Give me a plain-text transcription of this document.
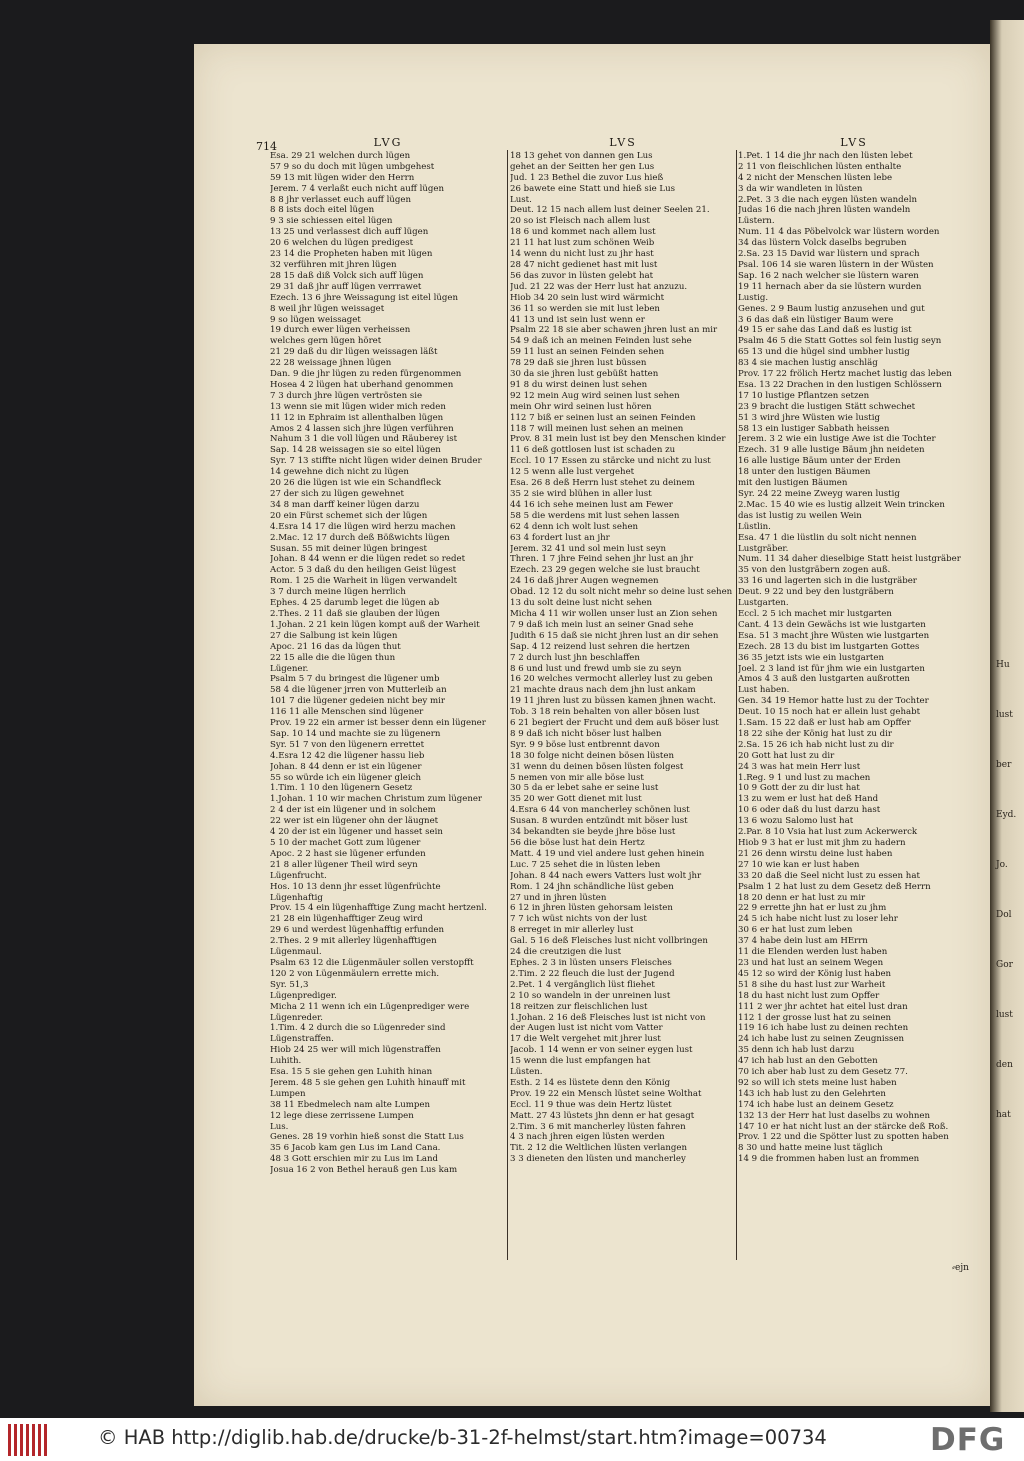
Hu
lust
ber
Eyd.
Jo.
Dol
Gor
lust
den
hat
714	LVG
Esa. 29 21 welchen durch lügen
57 9 so du doch mit lügen umbgehest
59 13 mit lügen wider den Herrn
Jerem. 7 4 verlaßt euch nicht auff lügen
8 8 jhr verlasset euch auff lügen
8 8 ists doch eitel lügen
9 3 sie schiessen eitel lügen
13 25 und verlassest dich auff lügen
20 6 welchen du lügen predigest
23 14 die Propheten haben mit lügen
32 verführen mit jhren lügen
28 15 daß diß Volck sich auff lügen
29 31 daß jhr auff lügen verrrawet
Ezech. 13 6 jhre Weissagung ist eitel lügen
8 weil jhr lügen weissaget
9 so lügen weissaget
19 durch ewer lügen verheissen
welches gern lügen höret
21 29 daß du dir lügen weissagen läßt
22 28 weissage jhnen lügen
Dan. 9 die jhr lügen zu reden fürgenommen
Hosea 4 2 lügen hat uberhand genommen
7 3 durch jhre lügen vertrösten sie
13 wenn sie mit lügen wider mich reden
11 12 in Ephraim ist allenthalben lügen
Amos 2 4 lassen sich jhre lügen verführen
Nahum 3 1 die voll lügen und Räuberey ist
Sap. 14 28 weissagen sie so eitel lügen
Syr. 7 13 stiffte nicht lügen wider deinen Bruder
14 gewehne dich nicht zu lügen
20 26 die lügen ist wie ein Schandfleck
27 der sich zu lügen gewehnet
34 8 man darff keiner lügen darzu
20 ein Fürst schemet sich der lügen
4.Esra 14 17 die lügen wird herzu machen
2.Mac. 12 17 durch deß Bößwichts lügen
Susan. 55 mit deiner lügen bringest
Johan. 8 44 wenn er die lügen redet so redet
Actor. 5 3 daß du den heiligen Geist lügest
Rom. 1 25 die Warheit in lügen verwandelt
3 7 durch meine lügen herrlich
Ephes. 4 25 darumb leget die lügen ab
2.Thes. 2 11 daß sie glauben der lügen
1.Johan. 2 21 kein lügen kompt auß der Warheit
27 die Salbung ist kein lügen
Apoc. 21 16 das da lügen thut
22 15 alle die die lügen thun
Lügener.
Psalm 5 7 du bringest die lügener umb
58 4 die lügener jrren von Mutterleib an
101 7 die lügener gedeien nicht bey mir
116 11 alle Menschen sind lügener
Prov. 19 22 ein armer ist besser denn ein lügener
Sap. 10 14 und machte sie zu lügenern
Syr. 51 7 von den lügenern errettet
4.Esra 12 42 die lügener hassu lieb
Johan. 8 44 denn er ist ein lügener
55 so würde ich ein lügener gleich
1.Tim. 1 10 den lügenern Gesetz
1.Johan. 1 10 wir machen Christum zum lügener
2 4 der ist ein lügener und in solchem
22 wer ist ein lügener ohn der läugnet
4 20 der ist ein lügener und hasset sein
5 10 der machet Gott zum lügener
Apoc. 2 2 hast sie lügener erfunden
21 8 aller lügener Theil wird seyn
Lügenfrucht.
Hos. 10 13 denn jhr esset lügenfrüchte
Lügenhaftig
Prov. 15 4 ein lügenhafftige Zung macht hertzenl.
21 28 ein lügenhafftiger Zeug wird
29 6 und werdest lügenhafftig erfunden
2.Thes. 2 9 mit allerley lügenhafftigen
Lügenmaul.
Psalm 63 12 die Lügenmäuler sollen verstopfft
120 2 von Lügenmäulern errette mich.
Syr. 51,3
Lügenprediger.
Micha 2 11 wenn ich ein Lügenprediger were
Lügenreder.
1.Tim. 4 2 durch die so Lügenreder sind
Lügenstraffen.
Hiob 24 25 wer will mich lügenstraffen
Luhith.
Esa. 15 5 sie gehen gen Luhith hinan
Jerem. 48 5 sie gehen gen Luhith hinauff mit
Lumpen
38 11 Ebedmelech nam alte Lumpen
12 lege diese zerrissene Lumpen
Lus.
Genes. 28 19 vorhin hieß sonst die Statt Lus
35 6 Jacob kam gen Lus im Land Cana.
48 3 Gott erschien mir zu Lus im Land
Josua 16 2 von Bethel herauß gen Lus kam
LVS
18 13 gehet von dannen gen Lus
gehet an der Seitten her gen Lus
Jud. 1 23 Bethel die zuvor Lus hieß
26 bawete eine Statt und hieß sie Lus
Lust.
Deut. 12 15 nach allem lust deiner Seelen 21.
20 so ist Fleisch nach allem lust
18 6 und kommet nach allem lust
21 11 hat lust zum schönen Weib
14 wenn du nicht lust zu jhr hast
28 47 nicht gedienet hast mit lust
56 das zuvor in lüsten gelebt hat
Jud. 21 22 was der Herr lust hat anzuzu.
Hiob 34 20 sein lust wird wärmicht
36 11 so werden sie mit lust leben
41 13 und ist sein lust wenn er
Psalm 22 18 sie aber schawen jhren lust an mir
54 9 daß ich an meinen Feinden lust sehe
59 11 lust an seinen Feinden sehen
78 29 daß sie jhren lust büssen
30 da sie jhren lust gebüßt hatten
91 8 du wirst deinen lust sehen
92 12 mein Aug wird seinen lust sehen
mein Ohr wird seinen lust hören
112 7 biß er seinen lust an seinen Feinden
118 7 will meinen lust sehen an meinen
Prov. 8 31 mein lust ist bey den Menschen kinder
11 6 deß gottlosen lust ist schaden zu
Eccl. 10 17 Essen zu stärcke und nicht zu lust
12 5 wenn alle lust vergehet
Esa. 26 8 deß Herrn lust stehet zu deinem
35 2 sie wird blühen in aller lust
44 16 ich sehe meinen lust am Fewer
58 5 die werdens mit lust sehen lassen
62 4 denn ich wolt lust sehen
63 4 fordert lust an jhr
Jerem. 32 41 und sol mein lust seyn
Thren. 1 7 jhre Feind sehen jhr lust an jhr
Ezech. 23 29 gegen welche sie lust braucht
24 16 daß jhrer Augen wegnemen
Obad. 12 12 du solt nicht mehr so deine lust sehen
13 du solt deine lust nicht sehen
Micha 4 11 wir wollen unser lust an Zion sehen
7 9 daß ich mein lust an seiner Gnad sehe
Judith 6 15 daß sie nicht jhren lust an dir sehen
Sap. 4 12 reizend lust sehren die hertzen
7 2 durch lust jhn beschlaffen
8 6 und lust und frewd umb sie zu seyn
16 20 welches vermocht allerley lust zu geben
21 machte draus nach dem jhn lust ankam
19 11 jhren lust zu büssen kamen jhnen wacht.
Tob. 3 18 rein behalten von aller bösen lust
6 21 begiert der Frucht und dem auß böser lust
8 9 daß ich nicht böser lust halben
Syr. 9 9 böse lust entbrennt davon
18 30 folge nicht deinen bösen lüsten
31 wenn du deinen bösen lüsten folgest
5 nemen von mir alle böse lust
30 5 da er lebet sahe er seine lust
35 20 wer Gott dienet mit lust
4.Esra 6 44 von mancherley schönen lust
Susan. 8 wurden entzündt mit böser lust
34 bekandten sie beyde jhre böse lust
56 die böse lust hat dein Hertz
Matt. 4 19 und viel andere lust gehen hinein
Luc. 7 25 sehet die in lüsten leben
Johan. 8 44 nach ewers Vatters lust wolt jhr
Rom. 1 24 jhn schändliche lüst geben
27 und in jhren lüsten
6 12 in jhren lüsten gehorsam leisten
7 7 ich wüst nichts von der lust
8 erreget in mir allerley lust
Gal. 5 16 deß Fleisches lust nicht vollbringen
24 die creutzigen die lust
Ephes. 2 3 in lüsten unsers Fleisches
2.Tim. 2 22 fleuch die lust der Jugend
2.Pet. 1 4 vergänglich lüst fliehet
2 10 so wandeln in der unreinen lust
18 reitzen zur fleischlichen lust
1.Johan. 2 16 deß Fleisches lust ist nicht von
der Augen lust ist nicht vom Vatter
17 die Welt vergehet mit jhrer lust
Jacob. 1 14 wenn er von seiner eygen lust
15 wenn die lust empfangen hat
Lüsten.
Esth. 2 14 es lüstete denn den König
Prov. 19 22 ein Mensch lüstet seine Wolthat
Eccl. 11 9 thue was dein Hertz lüstet
Matt. 27 43 lüstets jhn denn er hat gesagt
2.Tim. 3 6 mit mancherley lüsten fahren
4 3 nach jhren eigen lüsten werden
Tit. 2 12 die Weltlichen lüsten verlangen
3 3 dieneten den lüsten und mancherley
LVS
1.Pet. 1 14 die jhr nach den lüsten lebet
2 11 von fleischlichen lüsten enthalte
4 2 nicht der Menschen lüsten lebe
3 da wir wandleten in lüsten
2.Pet. 3 3 die nach eygen lüsten wandeln
Judas 16 die nach jhren lüsten wandeln
Lüstern.
Num. 11 4 das Pöbelvolck war lüstern worden
34 das lüstern Volck daselbs begruben
2.Sa. 23 15 David war lüstern und sprach
Psal. 106 14 sie waren lüstern in der Wüsten
Sap. 16 2 nach welcher sie lüstern waren
19 11 hernach aber da sie lüstern wurden
Lustig.
Genes. 2 9 Baum lustig anzusehen und gut
3 6 das daß ein lüstiger Baum were
49 15 er sahe das Land daß es lustig ist
Psalm 46 5 die Statt Gottes sol fein lustig seyn
65 13 und die hügel sind umbher lustig
83 4 sie machen lustig anschläg
Prov. 17 22 frölich Hertz machet lustig das leben
Esa. 13 22 Drachen in den lustigen Schlössern
17 10 lustige Pflantzen setzen
23 9 bracht die lustigen Stätt schwechet
51 3 wird jhre Wüsten wie lustig
58 13 ein lustiger Sabbath heissen
Jerem. 3 2 wie ein lustige Awe ist die Tochter
Ezech. 31 9 alle lustige Bäum jhn neideten
16 alle lustige Bäum unter der Erden
18 unter den lustigen Bäumen
mit den lustigen Bäumen
Syr. 24 22 meine Zweyg waren lustig
2.Mac. 15 40 wie es lustig allzeit Wein trincken
das ist lustig zu weilen Wein
Lüstlin.
Esa. 47 1 die lüstlin du solt nicht nennen
Lustgräber.
Num. 11 34 daher dieselbige Statt heist lustgräber
35 von den lustgräbern zogen auß.
33 16 und lagerten sich in die lustgräber
Deut. 9 22 und bey den lustgräbern
Lustgarten.
Eccl. 2 5 ich machet mir lustgarten
Cant. 4 13 dein Gewächs ist wie lustgarten
Esa. 51 3 macht jhre Wüsten wie lustgarten
Ezech. 28 13 du bist im lustgarten Gottes
36 35 jetzt ists wie ein lustgarten
Joel. 2 3 land ist für jhm wie ein lustgarten
Amos 4 3 auß den lustgarten außrotten
Lust haben.
Gen. 34 19 Hemor hatte lust zu der Tochter
Deut. 10 15 noch hat er allein lust gehabt
1.Sam. 15 22 daß er lust hab am Opffer
18 22 sihe der König hat lust zu dir
2.Sa. 15 26 ich hab nicht lust zu dir
20 Gott hat lust zu dir
24 3 was hat mein Herr lust
1.Reg. 9 1 und lust zu machen
10 9 Gott der zu dir lust hat
13 zu wem er lust hat deß Hand
10 6 oder daß du lust darzu hast
13 6 wozu Salomo lust hat
2.Par. 8 10 Vsia hat lust zum Ackerwerck
Hiob 9 3 hat er lust mit jhm zu hadern
21 26 denn wirstu deine lust haben
27 10 wie kan er lust haben
33 20 daß die Seel nicht lust zu essen hat
Psalm 1 2 hat lust zu dem Gesetz deß Herrn
18 20 denn er hat lust zu mir
22 9 errette jhn hat er lust zu jhm
24 5 ich habe nicht lust zu loser lehr
30 6 er hat lust zum leben
37 4 habe dein lust am HErrn
11 die Elenden werden lust haben
23 und hat lust an seinem Wegen
45 12 so wird der König lust haben
51 8 sihe du hast lust zur Warheit
18 du hast nicht lust zum Opffer
111 2 wer jhr achtet hat eitel lust dran
112 1 der grosse lust hat zu seinen
119 16 ich habe lust zu deinen rechten
24 ich habe lust zu seinen Zeugnissen
35 denn ich hab lust darzu
47 ich hab lust an den Gebotten
70 ich aber hab lust zu dem Gesetz 77.
92 so will ich stets meine lust haben
143 ich hab lust zu den Gelehrten
174 ich habe lust an deinem Gesetz
132 13 der Herr hat lust daselbs zu wohnen
147 10 er hat nicht lust an der stärcke deß Roß.
Prov. 1 22 und die Spötter lust zu spotten haben
8 30 und hatte meine lust täglich
14 9 die frommen haben lust an frommen
⸗ejn
© HAB http://diglib.hab.de/drucke/b-31-2f-helmst/start.htm?image=00734	DFG
